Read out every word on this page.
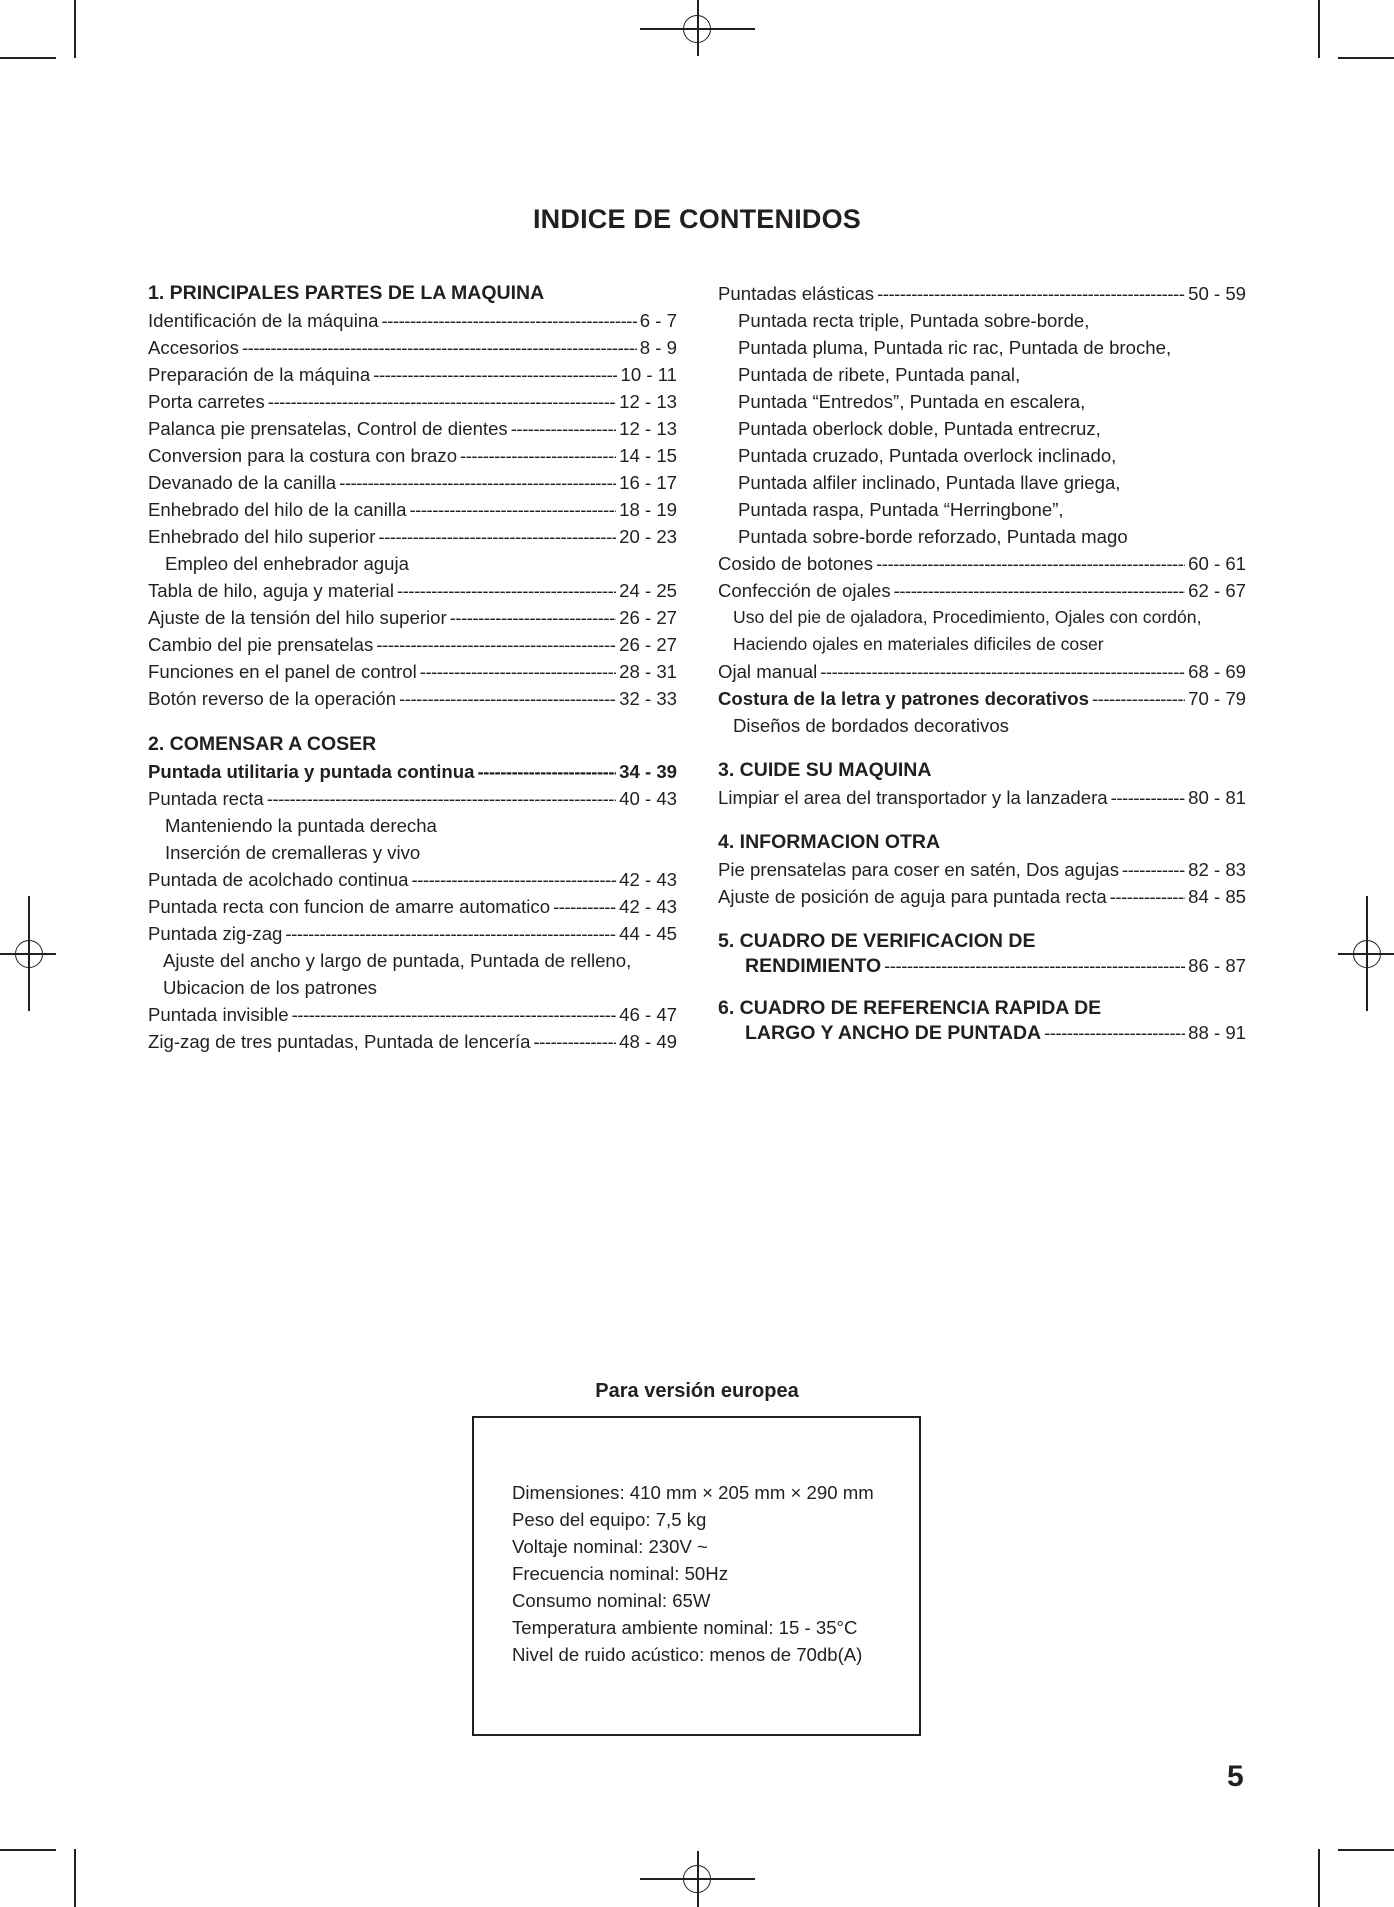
INDICE DE CONTENIDOS
1. PRINCIPALES PARTES DE LA MAQUINA
Identificación de la máquina -----	6 - 7
Accesorios -----	8 - 9
Preparación de la máquina -----	10 - 11
Porta carretes -----	12 - 13
Palanca pie prensatelas, Control de dientes -----	12 - 13
Conversion para la costura con brazo -----	14 - 15
Devanado de la canilla -----	16 - 17
Enhebrado del hilo de la canilla -----	18 - 19
Enhebrado del hilo superior -----	20 - 23
Empleo del enhebrador aguja
Tabla de hilo, aguja y material -----	24 - 25
Ajuste de la tensión del hilo superior -----	26 - 27
Cambio del pie prensatelas -----	26 - 27
Funciones en el panel de control -----	28 - 31
Botón reverso de la operación -----	32 - 33
2. COMENSAR A COSER
Puntada utilitaria y puntada continua -----	34 - 39
Puntada recta -----	40 - 43
Manteniendo la puntada derecha
Inserción de cremalleras y vivo
Puntada de acolchado continua -----	42 - 43
Puntada recta con funcion de amarre automatico -----	42 - 43
Puntada zig-zag -----	44 - 45
Ajuste del ancho y largo de puntada, Puntada de relleno,
Ubicacion de los patrones
Puntada invisible -----	46 - 47
Zig-zag de tres puntadas, Puntada de lencería -----	48 - 49
Puntadas elásticas -----	50 - 59
Puntada recta triple, Puntada sobre-borde,
Puntada pluma, Puntada ric rac, Puntada de broche,
Puntada de ribete, Puntada panal,
Puntada “Entredos”, Puntada en escalera,
Puntada oberlock doble, Puntada entrecruz,
Puntada cruzado, Puntada overlock inclinado,
Puntada alfiler inclinado, Puntada llave griega,
Puntada raspa, Puntada “Herringbone”,
Puntada sobre-borde reforzado, Puntada mago
Cosido de botones -----	60 - 61
Confección de ojales -----	62 - 67
Uso del pie de ojaladora, Procedimiento, Ojales con cordón,
Haciendo ojales en materiales dificiles de coser
Ojal manual -----	68 - 69
Costura de la letra y patrones decorativos -----	70 - 79
Diseños de bordados decorativos
3. CUIDE SU MAQUINA
Limpiar el area del transportador y la lanzadera -----	80 - 81
4. INFORMACION OTRA
Pie prensatelas para coser en satén, Dos agujas -----	82 - 83
Ajuste de posición de aguja para puntada recta -----	84 - 85
5. CUADRO DE VERIFICACION DE
RENDIMIENTO -----	86 - 87
6. CUADRO DE REFERENCIA RAPIDA DE
LARGO Y ANCHO DE PUNTADA -----	88 - 91
Para versión europea
Dimensiones: 410 mm × 205 mm × 290 mm
Peso del equipo: 7,5 kg
Voltaje nominal: 230V ~
Frecuencia nominal: 50Hz
Consumo nominal: 65W
Temperatura ambiente nominal: 15 - 35°C
Nivel de ruido acústico: menos de 70db(A)
5
